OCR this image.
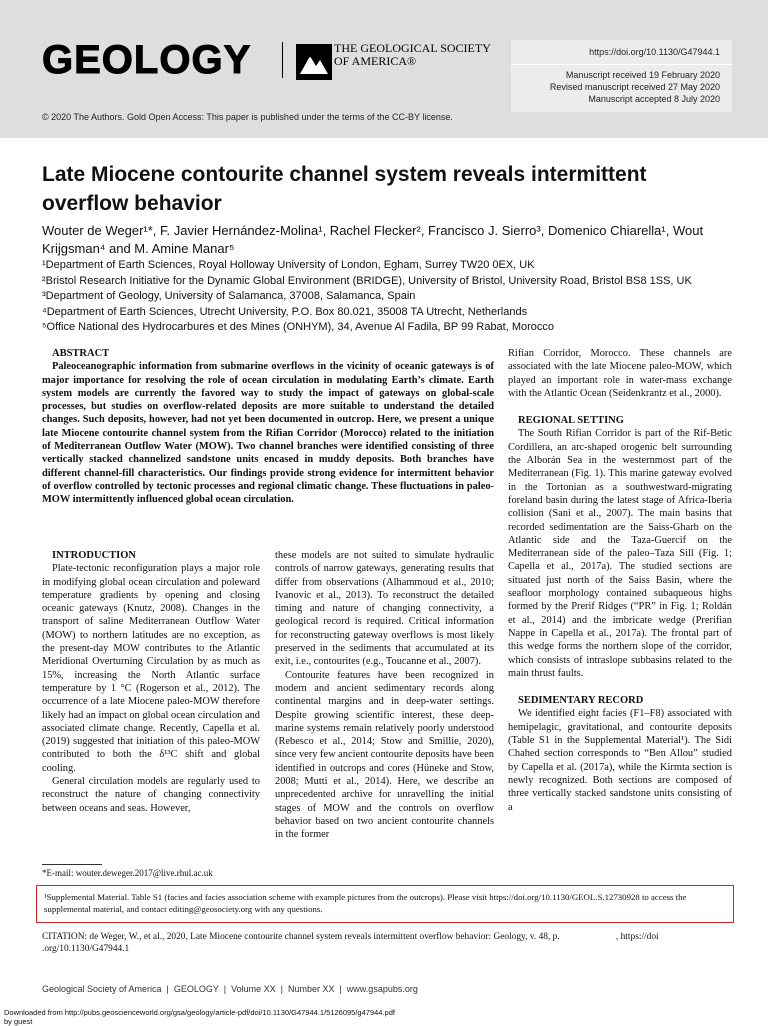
GEOLOGY	THE GEOLOGICAL SOCIETY
OF AMERICA®
https://doi.org/10.1130/G47944.1
Manuscript received 19 February 2020
Revised manuscript received 27 May 2020
Manuscript accepted 8 July 2020
© 2020 The Authors. Gold Open Access: This paper is published under the terms of the CC-BY license.
Late Miocene contourite channel system reveals intermittent overflow behavior
Wouter de Weger¹*, F. Javier Hernández-Molina¹, Rachel Flecker², Francisco J. Sierro³, Domenico Chiarella¹, Wout Krijgsman⁴ and M. Amine Manar⁵
¹Department of Earth Sciences, Royal Holloway University of London, Egham, Surrey TW20 0EX, UK
²Bristol Research Initiative for the Dynamic Global Environment (BRIDGE), University of Bristol, University Road, Bristol BS8 1SS, UK
³Department of Geology, University of Salamanca, 37008, Salamanca, Spain
⁴Department of Earth Sciences, Utrecht University, P.O. Box 80.021, 35008 TA Utrecht, Netherlands
⁵Office National des Hydrocarbures et des Mines (ONHYM), 34, Avenue Al Fadila, BP 99 Rabat, Morocco

ABSTRACT

Paleoceanographic information from submarine overflows in the vicinity of oceanic gateways is of major importance for resolving the role of ocean circulation in modulating Earth’s climate. Earth system models are currently the favored way to study the impact of gateways on global-scale processes, but studies on overflow-related deposits are more suitable to understand the detailed changes. Such deposits, however, had not yet been documented in outcrop. Here, we present a unique late Miocene contourite channel system from the Rifian Corridor (Morocco) related to the initiation of Mediterranean Outflow Water (MOW). Two channel branches were identified consisting of three vertically stacked channelized sandstone units encased in muddy deposits. Both branches have different channel-fill characteristics. Our findings provide strong evidence for intermittent behavior of overflow controlled by tectonic processes and regional climatic change. These fluctuations in paleo-MOW intermittently influenced global ocean circulation.

INTRODUCTION

Plate-tectonic reconfiguration plays a major role in modifying global ocean circulation and poleward temperature gradients by opening and closing oceanic gateways (Knutz, 2008). Changes in the transport of saline Mediterranean Outflow Water (MOW) to northern latitudes are no exception, as the present-day MOW contributes to the Atlantic Meridional Overturning Circulation by as much as 15%, increasing the North Atlantic surface temperature by 1 °C (Rogerson et al., 2012). The occurrence of a late Miocene paleo-MOW therefore likely had an impact on global ocean circulation and associated climate change. Recently, Capella et al. (2019) suggested that initiation of this paleo-MOW contributed to both the δ¹³C shift and global cooling.

General circulation models are regularly used to reconstruct the nature of changing connectivity between oceans and seas. However,

these models are not suited to simulate hydraulic controls of narrow gateways, generating results that differ from observations (Alhammoud et al., 2010; Ivanovic et al., 2013). To reconstruct the detailed timing and nature of changing connectivity, a geological record is required. Critical information for reconstructing gateway overflows is most likely preserved in the sediments that accumulated at its exit, i.e., contourites (e.g., Toucanne et al., 2007).

Contourite features have been recognized in modern and ancient sedimentary records along continental margins and in deep-water settings. Despite growing scientific interest, these deep-marine systems remain relatively poorly understood (Rebesco et al., 2014; Stow and Smillie, 2020), since very few ancient contourite deposits have been identified in outcrops and cores (Hüneke and Stow, 2008; Mutti et al., 2014). Here, we describe an unprecedented archive for unravelling the initial stages of MOW and the controls on overflow behavior based on two ancient contourite channels in the former

Rifian Corridor, Morocco. These channels are associated with the late Miocene paleo-MOW, which played an important role in water-mass exchange with the Atlantic Ocean (Seidenkrantz et al., 2000).

REGIONAL SETTING

The South Rifian Corridor is part of the Rif-Betic Cordillera, an arc-shaped orogenic belt surrounding the Alborán Sea in the westernmost part of the Mediterranean (Fig. 1). This marine gateway evolved in the Tortonian as a southwestward-migrating foreland basin during the latest stage of Africa-Iberia collision (Sani et al., 2007). The main basins that recorded sedimentation are the Saiss-Gharb on the Atlantic side and the Taza-Guercif on the Mediterranean side of the paleo–Taza Sill (Fig. 1; Capella et al., 2017a). The studied sections are situated just north of the Saiss Basin, where the seafloor morphology contained subaqueous highs formed by the Prerif Ridges (“PR” in Fig. 1; Roldán et al., 2014) and the imbricate wedge (Prerifian Nappe in Capella et al., 2017a). The frontal part of this wedge forms the northern slope of the corridor, which consists of intraslope subbasins related to the main thrust faults.

SEDIMENTARY RECORD

We identified eight facies (F1–F8) associated with hemipelagic, gravitational, and contourite deposits (Table S1 in the Supplemental Material¹). The Sidi Chahed section corresponds to “Ben Allou” studied by Capella et al. (2017a), while the Kirmta section is newly recognized. Both sections are composed of three vertically stacked sandstone units consisting of a

*E-mail: wouter.deweger.2017@live.rhul.ac.uk
¹Supplemental Material. Table S1 (facies and facies association scheme with example pictures from the outcrops). Please visit https://doi.org/10.1130/GEOL.S.12730928 to access the supplemental material, and contact editing@geosociety.org with any questions.
CITATION: de Weger, W., et al., 2020, Late Miocene contourite channel system reveals intermittent overflow behavior: Geology, v. 48, p.                        , https://doi
.org/10.1130/G47944.1
Geological Society of America  |  GEOLOGY  |  Volume XX  |  Number XX  |  www.gsapubs.org
Downloaded from http://pubs.geoscienceworld.org/gsa/geology/article-pdf/doi/10.1130/G47944.1/5126095/g47944.pdf
by guest
